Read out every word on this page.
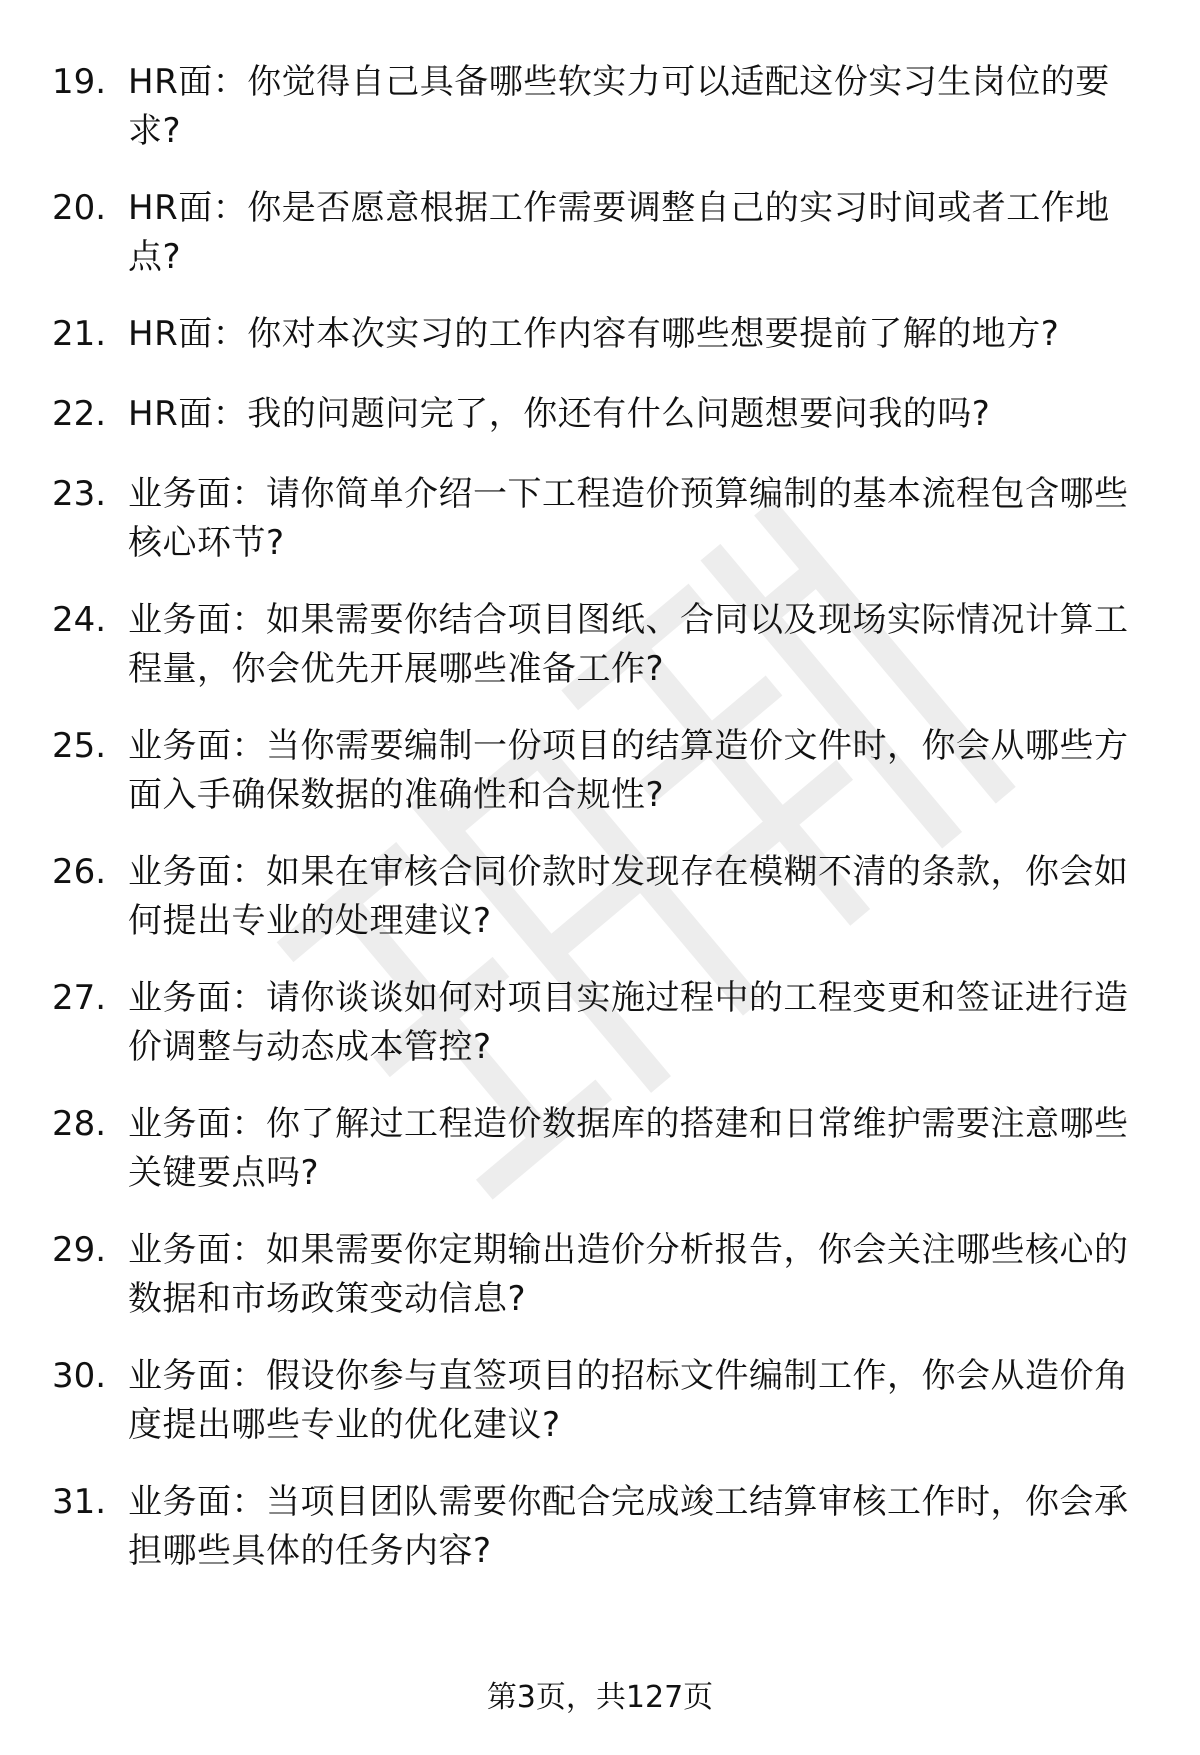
19. HR面：你觉得自己具备哪些软实力可以适配这份实习生岗位的要求?
20. HR面：你是否愿意根据工作需要调整自己的实习时间或者工作地点?
21. HR面：你对本次实习的工作内容有哪些想要提前了解的地方?
22. HR面：我的问题问完了，你还有什么问题想要问我的吗?
23. 业务面：请你简单介绍一下工程造价预算编制的基本流程包含哪些核心环节?
24. 业务面：如果需要你结合项目图纸、合同以及现场实际情况计算工程量，你会优先开展哪些准备工作?
25. 业务面：当你需要编制一份项目的结算造价文件时，你会从哪些方面入手确保数据的准确性和合规性?
26. 业务面：如果在审核合同价款时发现存在模糊不清的条款，你会如何提出专业的处理建议?
27. 业务面：请你谈谈如何对项目实施过程中的工程变更和签证进行造价调整与动态成本管控?
28. 业务面：你了解过工程造价数据库的搭建和日常维护需要注意哪些关键要点吗?
29. 业务面：如果需要你定期输出造价分析报告，你会关注哪些核心的数据和市场政策变动信息?
30. 业务面：假设你参与直签项目的招标文件编制工作，你会从造价角度提出哪些专业的优化建议?
31. 业务面：当项目团队需要你配合完成竣工结算审核工作时，你会承担哪些具体的任务内容?
第3页，共127页
